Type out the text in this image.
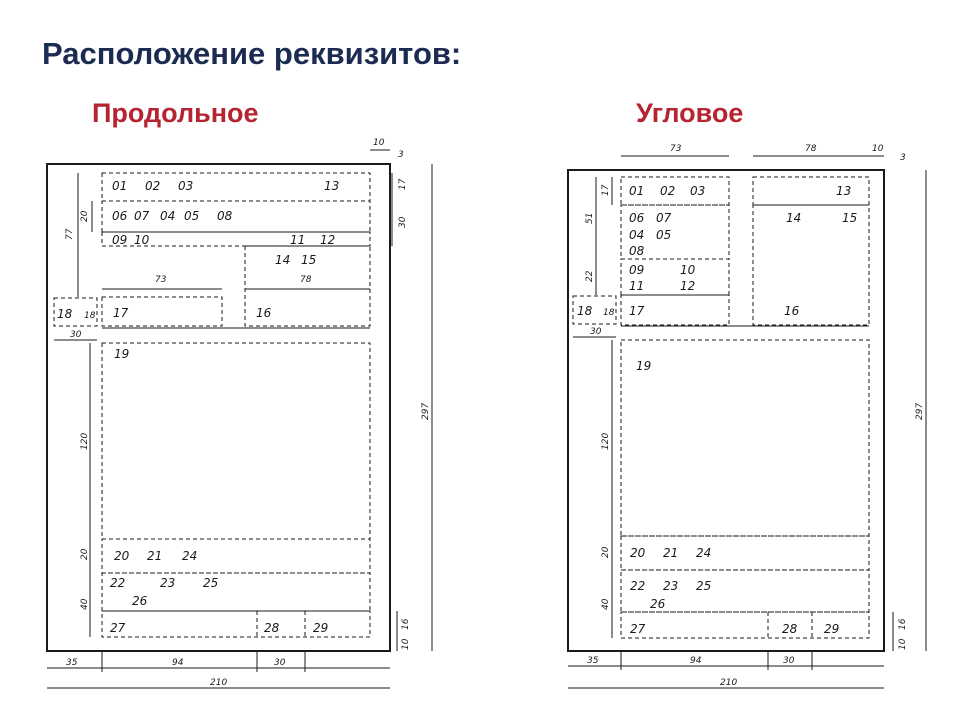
Расположение реквизитов:
Продольное	Угловое
01 02 03	13
06 07 04 05 08
09 10	11 12
14 15
18 18 17	16
19
20 21 24
22	23 25
26
27	28	29
10
3
17
30
20
77
73	78
30
120
20
40
297
16
10
35	94	30
210
01 02 03	13
06 07	14	15
04 05
08
09	10
11	12
18 18 17	16
19
20 21 24
22 23 25
26
27	28 29
73	78	10
3
17
51
22
30
120
20
40
297
16
10
35	94	30
210
